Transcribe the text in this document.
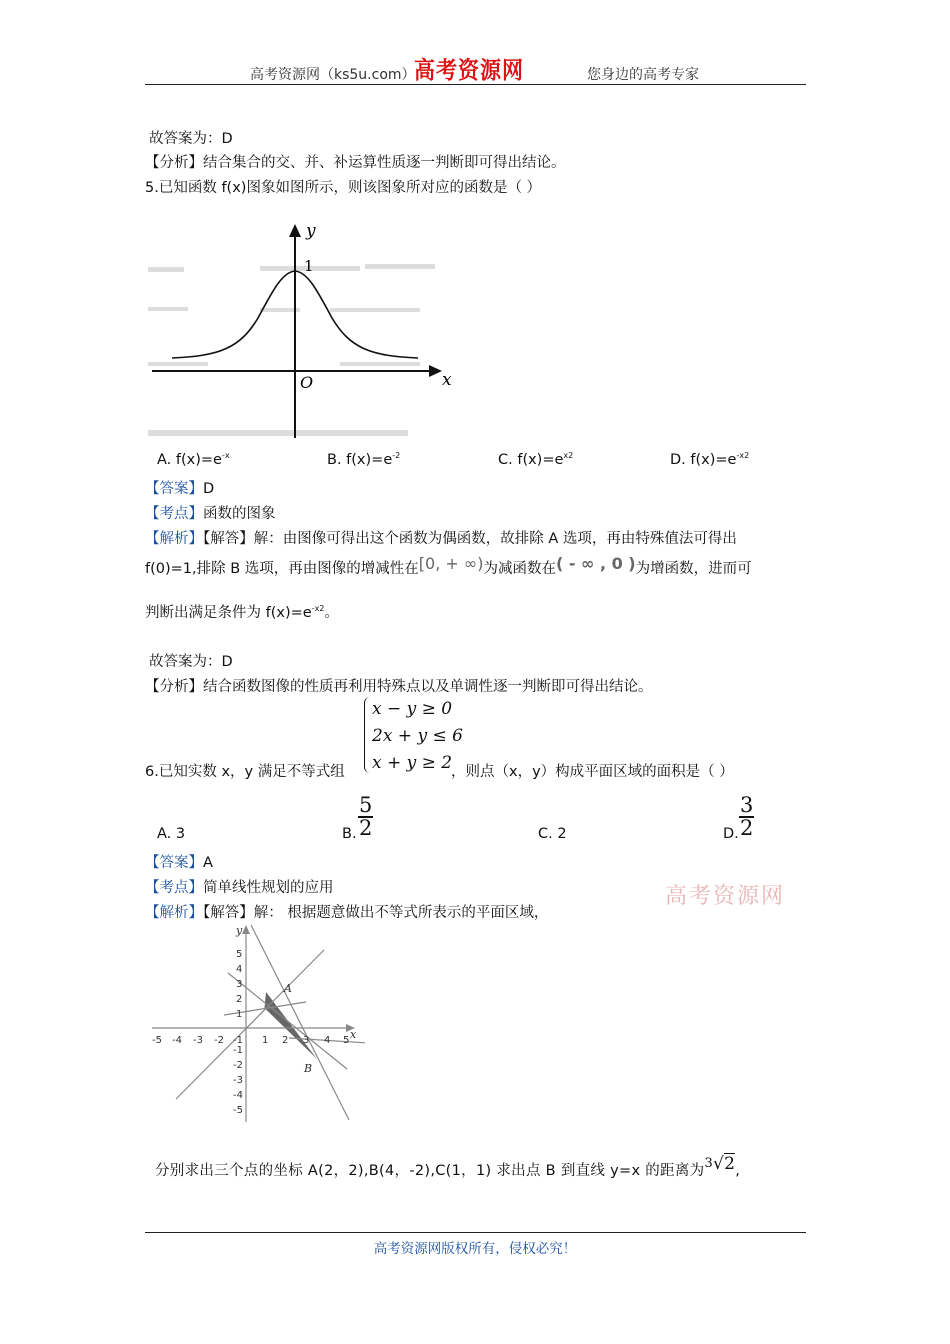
高考资源网（ks5u.com）
高考资源网	您身边的高考专家
故答案为：D
【分析】结合集合的交、并、补运算性质逐一判断即可得出结论。
5.已知函数 f(x)图象如图所示，则该图象所对应的函数是（ ）
y
x
O
1
A. $f(x)=e^{-x}$	B. $f(x)=e^{-2}$	C. $f(x)=e^{x2}$	D. $f(x)=e^{-x2}$
【答案】D
【考点】函数的图象
【解析】【解答】解：由图像可得出这个函数为偶函数，故排除 A 选项，再由特殊值法可得出
f(0)=1,排除 B 选项，再由图像的增减性在[0, + ∞)为减函数在( - ∞ , 0 )为增函数，进而可
判断出满足条件为 $f(x)=e^{-x2}$。
故答案为：D
【分析】结合函数图像的性质再利用特殊点以及单调性逐一判断即可得出结论。
x − y ≥ 0
2x + y ≤ 6
x + y ≥ 2
6.已知实数 x，y 满足不等式组	，则点（x，y）构成平面区域的面积是（ ）
A. 3	B. $\frac{5}{2}$	C. 2	D. $\frac{3}{2}$
【答案】A
【考点】简单线性规划的应用	高考资源网
【解析】【解答】解： 根据题意做出不等式所表示的平面区域，
-5 -4 -3 -2 -1 1 2 3 4 5
5
4
3
2
1
-1
-2
-3
-4
-5
y
x
A
B
分别求出三个点的坐标 A(2，2),B(4，-2),C(1，1) 求出点 B 到直线 y=x 的距离为3√2,
高考资源网版权所有，侵权必究！
